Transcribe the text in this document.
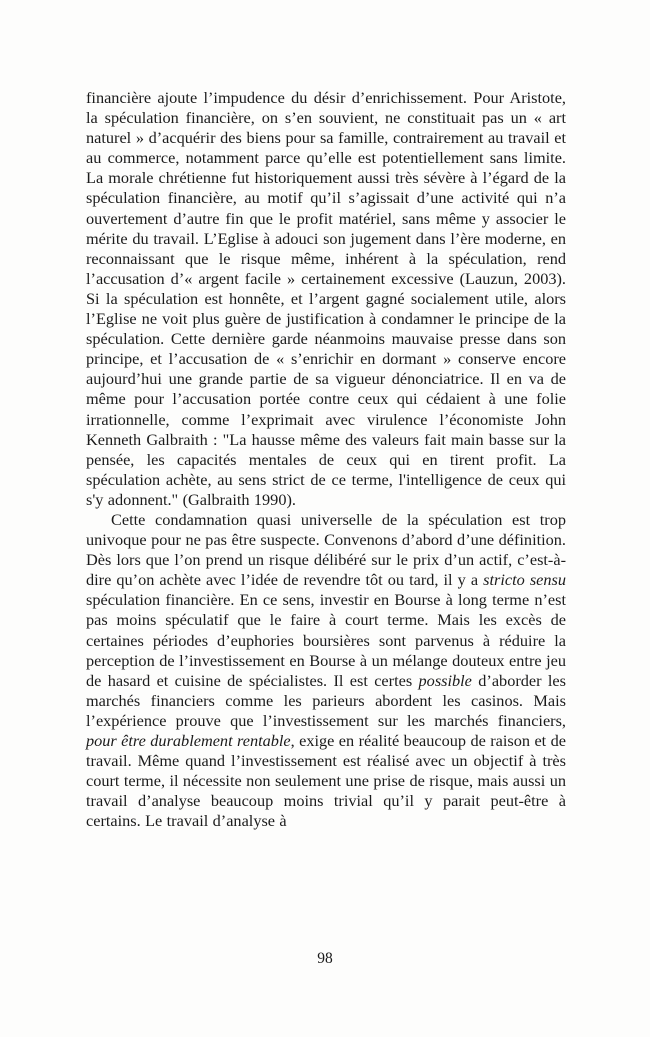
financière ajoute l’impudence du désir d’enrichissement. Pour Aristote, la spéculation financière, on s’en souvient, ne constituait pas un « art naturel » d’acquérir des biens pour sa famille, contrairement au travail et au commerce, notamment parce qu’elle est potentiellement sans limite. La morale chrétienne fut historiquement aussi très sévère à l’égard de la spéculation financière, au motif qu’il s’agissait d’une activité qui n’a ouvertement d’autre fin que le profit matériel, sans même y associer le mérite du travail. L’Eglise à adouci son jugement dans l’ère moderne, en reconnaissant que le risque même, inhérent à la spéculation, rend l’accusation d’« argent facile » certainement excessive (Lauzun, 2003). Si la spéculation est honnête, et l’argent gagné socialement utile, alors l’Eglise ne voit plus guère de justification à condamner le principe de la spéculation. Cette dernière garde néanmoins mauvaise presse dans son principe, et l’accusation de « s’enrichir en dormant » conserve encore aujourd’hui une grande partie de sa vigueur dénonciatrice. Il en va de même pour l’accusation portée contre ceux qui cédaient à une folie irrationnelle, comme l’exprimait avec virulence l’économiste John Kenneth Galbraith : "La hausse même des valeurs fait main basse sur la pensée, les capacités mentales de ceux qui en tirent profit. La spéculation achète, au sens strict de ce terme, l'intelligence de ceux qui s'y adonnent." (Galbraith 1990).

Cette condamnation quasi universelle de la spéculation est trop univoque pour ne pas être suspecte. Convenons d’abord d’une définition. Dès lors que l’on prend un risque délibéré sur le prix d’un actif, c’est-à-dire qu’on achète avec l’idée de revendre tôt ou tard, il y a stricto sensu spéculation financière. En ce sens, investir en Bourse à long terme n’est pas moins spéculatif que le faire à court terme. Mais les excès de certaines périodes d’euphories boursières sont parvenus à réduire la perception de l’investissement en Bourse à un mélange douteux entre jeu de hasard et cuisine de spécialistes. Il est certes possible d’aborder les marchés financiers comme les parieurs abordent les casinos. Mais l’expérience prouve que l’investissement sur les marchés financiers, pour être durablement rentable, exige en réalité beaucoup de raison et de travail. Même quand l’investissement est réalisé avec un objectif à très court terme, il nécessite non seulement une prise de risque, mais aussi un travail d’analyse beaucoup moins trivial qu’il y parait peut-être à certains. Le travail d’analyse à

98
